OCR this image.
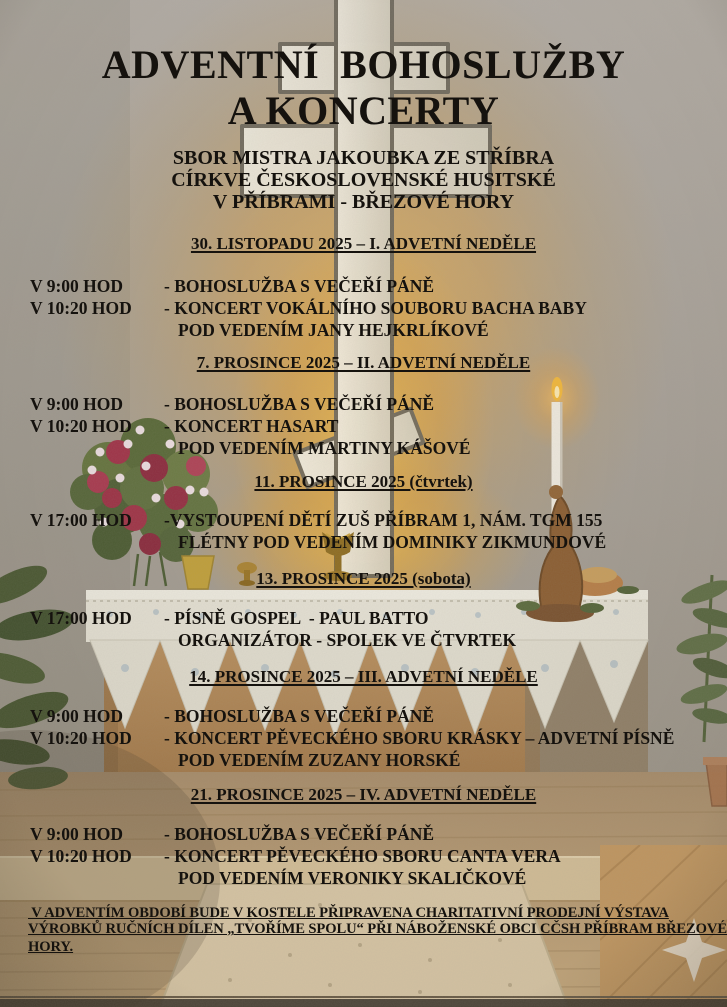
ADVENTNÍ  BOHOSLUŽBY
A KONCERTY
SBOR MISTRA JAKOUBKA ZE STŘÍBRA
CÍRKVE ČESKOSLOVENSKÉ HUSITSKÉ
V PŘÍBRAMI - BŘEZOVÉ HORY
30. LISTOPADU 2025 – I. ADVETNÍ NEDĚLE
V 9:00 HOD - BOHOSLUŽBA S VEČEŘÍ PÁNĚ
V 10:20 HOD - KONCERT VOKÁLNÍHO SOUBORU BACHA BABY
POD VEDENÍM JANY HEJKRLÍKOVÉ
7. PROSINCE 2025 – II. ADVETNÍ NEDĚLE
V 9:00 HOD - BOHOSLUŽBA S VEČEŘÍ PÁNĚ
V 10:20 HOD - KONCERT HASART
POD VEDENÍM MARTINY KÁŠOVÉ
11. PROSINCE 2025 (čtvrtek)
V 17:00 HOD -VYSTOUPENÍ DĚTÍ ZUŠ PŘÍBRAM 1, NÁM. TGM 155
FLÉTNY POD VEDENÍM DOMINIKY ZIKMUNDOVÉ
13. PROSINCE 2025 (sobota)
V 17:00 HOD - PÍSNĚ GOSPEL  - PAUL BATTO
ORGANIZÁTOR - SPOLEK VE ČTVRTEK
14. PROSINCE 2025 – III. ADVETNÍ NEDĚLE
V 9:00 HOD - BOHOSLUŽBA S VEČEŘÍ PÁNĚ
V 10:20 HOD - KONCERT PĚVECKÉHO SBORU KRÁSKY – ADVETNÍ PÍSNĚ
POD VEDENÍM ZUZANY HORSKÉ
21. PROSINCE 2025 – IV. ADVETNÍ NEDĚLE
V 9:00 HOD - BOHOSLUŽBA S VEČEŘÍ PÁNĚ
V 10:20 HOD - KONCERT PĚVECKÉHO SBORU CANTA VERA
POD VEDENÍM VERONIKY SKALIČKOVÉ
V ADVENTÍM OBDOBÍ BUDE V KOSTELE PŘIPRAVENA CHARITATIVNÍ PRODEJNÍ VÝSTAVA
VÝROBKŮ RUČNÍCH DÍLEN „TVOŘÍME SPOLU“ PŘI NÁBOŽENSKÉ OBCI CČSH PŘÍBRAM BŘEZOVÉ
HORY.
